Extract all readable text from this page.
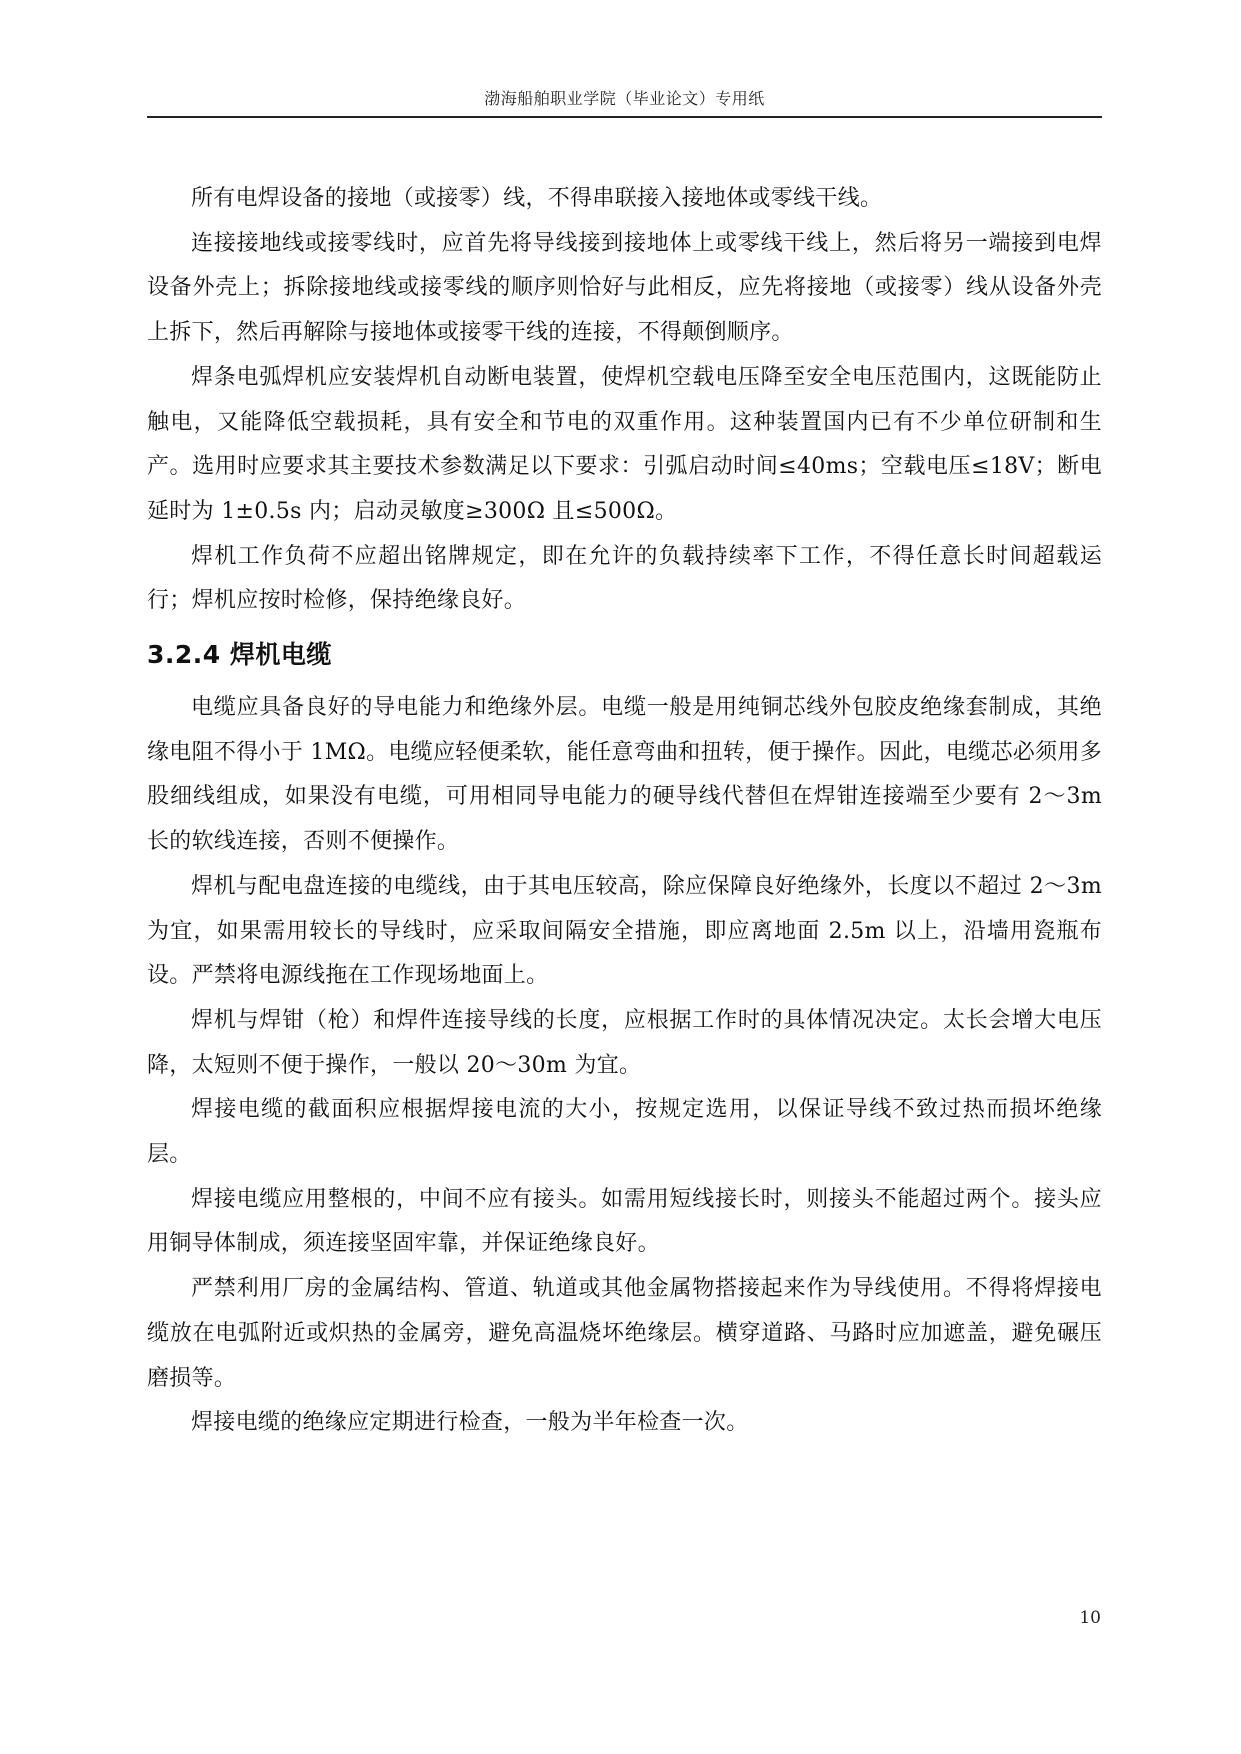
渤海船舶职业学院（毕业论文）专用纸

所有电焊设备的接地（或接零）线，不得串联接入接地体或零线干线。

连接接地线或接零线时，应首先将导线接到接地体上或零线干线上，然后将另一端接到电焊设备外壳上；拆除接地线或接零线的顺序则恰好与此相反，应先将接地（或接零）线从设备外壳上拆下，然后再解除与接地体或接零干线的连接，不得颠倒顺序。

焊条电弧焊机应安装焊机自动断电装置，使焊机空载电压降至安全电压范围内，这既能防止触电，又能降低空载损耗，具有安全和节电的双重作用。这种装置国内已有不少单位研制和生产。选用时应要求其主要技术参数满足以下要求：引弧启动时间≤40ms；空载电压≤18V；断电延时为 1±0.5s 内；启动灵敏度≥300Ω 且≤500Ω。

焊机工作负荷不应超出铭牌规定，即在允许的负载持续率下工作，不得任意长时间超载运行；焊机应按时检修，保持绝缘良好。

3.2.4 焊机电缆

电缆应具备良好的导电能力和绝缘外层。电缆一般是用纯铜芯线外包胶皮绝缘套制成，其绝缘电阻不得小于 1MΩ。电缆应轻便柔软，能任意弯曲和扭转，便于操作。因此，电缆芯必须用多股细线组成，如果没有电缆，可用相同导电能力的硬导线代替但在焊钳连接端至少要有 2～3m 长的软线连接，否则不便操作。

焊机与配电盘连接的电缆线，由于其电压较高，除应保障良好绝缘外，长度以不超过 2～3m 为宜，如果需用较长的导线时，应采取间隔安全措施，即应离地面 2.5m 以上，沿墙用瓷瓶布设。严禁将电源线拖在工作现场地面上。

焊机与焊钳（枪）和焊件连接导线的长度，应根据工作时的具体情况决定。太长会增大电压降，太短则不便于操作，一般以 20～30m 为宜。

焊接电缆的截面积应根据焊接电流的大小，按规定选用，以保证导线不致过热而损坏绝缘层。

焊接电缆应用整根的，中间不应有接头。如需用短线接长时，则接头不能超过两个。接头应用铜导体制成，须连接坚固牢靠，并保证绝缘良好。

严禁利用厂房的金属结构、管道、轨道或其他金属物搭接起来作为导线使用。不得将焊接电缆放在电弧附近或炽热的金属旁，避免高温烧坏绝缘层。横穿道路、马路时应加遮盖，避免碾压磨损等。

焊接电缆的绝缘应定期进行检查，一般为半年检查一次。

10
